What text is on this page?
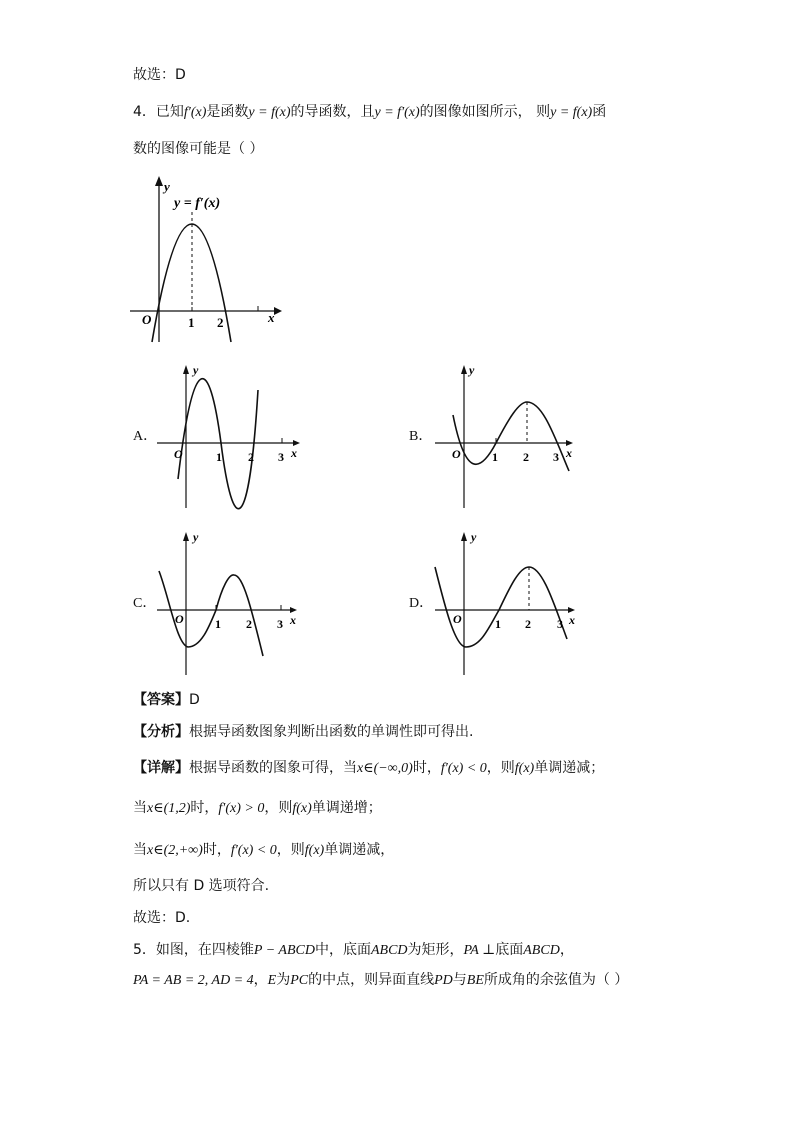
故选：D
4．已知f′(x)是函数y = f(x)的导函数，且y = f′(x)的图像如图所示， 则y = f(x)函
数的图像可能是（ ）
y
y = f′(x)
O	1 2	x
A．
y
O	1 2 3 x
B．
y
O	1 2 3 x
C．
y
O	1 2 3 x
D．
y
O	1 2 3 x
【答案】D
【分析】根据导函数图象判断出函数的单调性即可得出.
【详解】根据导函数的图象可得，当x∈(−∞,0)时，f′(x) < 0，则f(x)单调递减；
当x∈(1,2)时，f′(x) > 0，则f(x)单调递增；
当x∈(2,+∞)时，f′(x) < 0，则f(x)单调递减，
所以只有 D 选项符合.
故选：D.
5．如图，在四棱锥P − ABCD中，底面ABCD为矩形，PA ⊥底面ABCD，
PA = AB = 2, AD = 4，E为PC的中点，则异面直线PD与BE所成角的余弦值为（ ）
